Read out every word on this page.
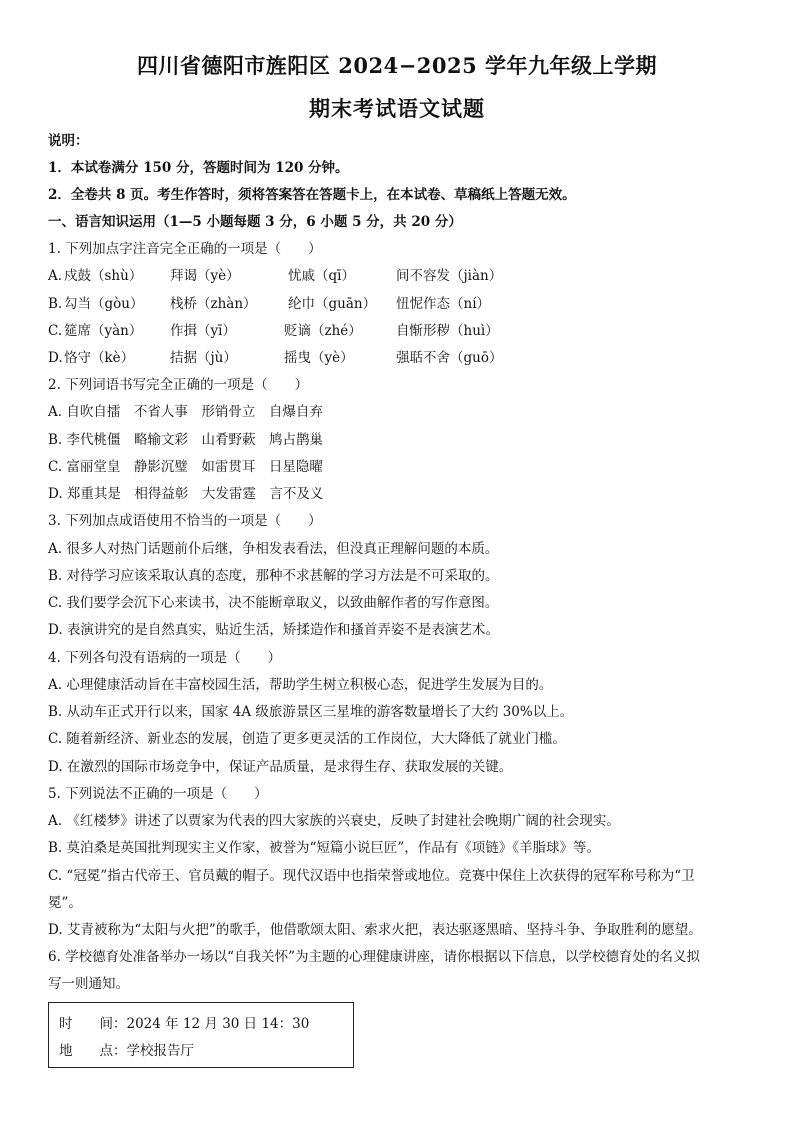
四川省德阳市旌阳区 2024−2025 学年九年级上学期
期末考试语文试题
说明：
1．本试卷满分 150 分，答题时间为 120 分钟。
2．全卷共 8 页。考生作答时，须将答案答在答题卡上，在本试卷、草稿纸上答题无效。
一、语言知识运用（1—5 小题每题 3 分，6 小题 5 分，共 20 分）
1. 下列加点字注音完全正确的一项是（　　）
A. 戍鼓（shù） 拜谒（yè）	忧戚（qī）	间不容发（jiàn）
B. 勾当（gòu） 栈桥（zhàn） 纶巾（guān） 忸怩作态（ní）
C. 筵席（yàn） 作揖（yī）	贬谪（zhé）	自惭形秽（huì）
D. 恪守（kè）	拮据（jù）	摇曳（yè）	强聒不舍（guō）
2. 下列词语书写完全正确的一项是（　　）
A. 自吹自擂　不省人事　形销骨立　自爆自弃
B. 李代桃僵　略输文彩　山肴野蔌　鸠占鹊巢
C. 富丽堂皇　静影沉璧　如雷贯耳　日星隐曜
D. 郑重其是　相得益彰　大发雷霆　言不及义
3. 下列加点成语使用不恰当的一项是（　　）
A. 很多人对热门话题前仆后继，争相发表看法，但没真正理解问题的本质。
B. 对待学习应该采取认真的态度，那种不求甚解的学习方法是不可采取的。
C. 我们要学会沉下心来读书，决不能断章取义，以致曲解作者的写作意图。
D. 表演讲究的是自然真实，贴近生活，矫揉造作和搔首弄姿不是表演艺术。
4. 下列各句没有语病的一项是（　　）
A. 心理健康活动旨在丰富校园生活，帮助学生树立积极心态，促进学生发展为目的。
B. 从动车正式开行以来，国家 4A 级旅游景区三星堆的游客数量增长了大约 30%以上。
C. 随着新经济、新业态的发展，创造了更多更灵活的工作岗位，大大降低了就业门槛。
D. 在激烈的国际市场竞争中，保证产品质量，是求得生存、获取发展的关键。
5. 下列说法不正确的一项是（　　）
A. 《红楼梦》讲述了以贾家为代表的四大家族的兴衰史，反映了封建社会晚期广阔的社会现实。
B. 莫泊桑是英国批判现实主义作家，被誉为“短篇小说巨匠”，作品有《项链》《羊脂球》等。
C. “冠冕”指古代帝王、官员戴的帽子。现代汉语中也指荣誉或地位。竞赛中保住上次获得的冠军称号称为“卫
冕”。
D. 艾青被称为“太阳与火把”的歌手，他借歌颂太阳、索求火把，表达驱逐黑暗、坚持斗争、争取胜利的愿望。
6. 学校德育处准备举办一场以“自我关怀”为主题的心理健康讲座，请你根据以下信息，以学校德育处的名义拟
写一则通知。
时　　间：2024 年 12 月 30 日 14：30
地　　点：学校报告厅
